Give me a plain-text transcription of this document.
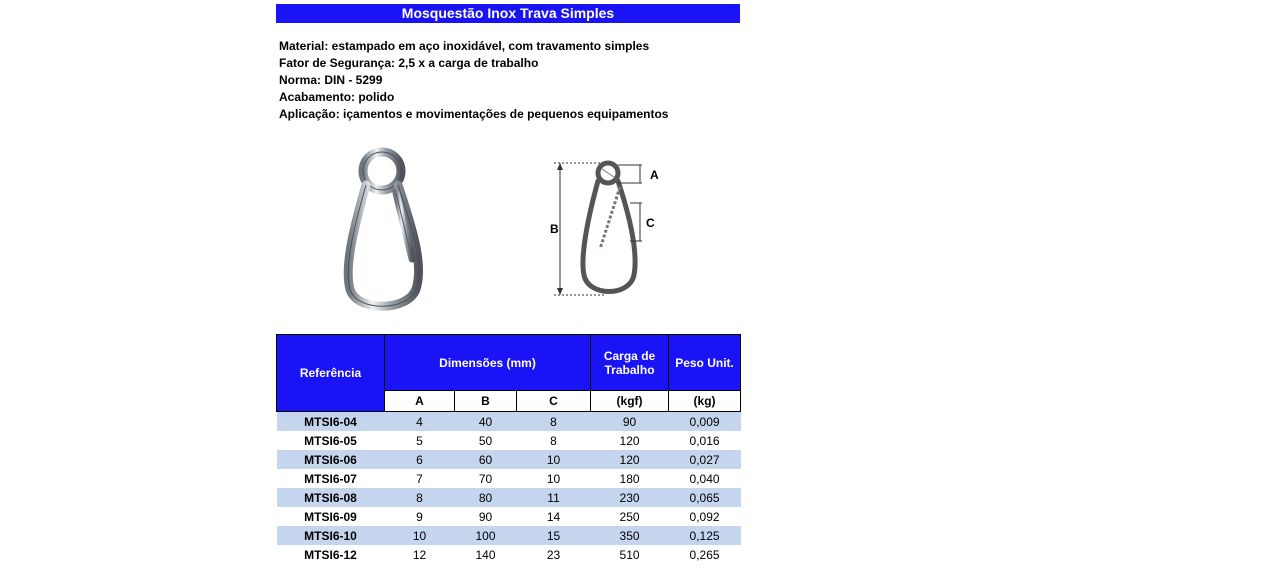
Mosquestão Inox Trava Simples
Material: estampado em aço inoxidável, com travamento simples
Fator de Segurança: 2,5 x a carga de trabalho
Norma: DIN - 5299
Acabamento: polido
Aplicação: içamentos e movimentações de pequenos equipamentos
B
A
C
Referência	Dimensões (mm)			Carga de Trabalho	Peso Unit.
	A	B	C	(kgf)	(kg)
MTSI6-04	4	40	8	90	0,009
MTSI6-05	5	50	8	120	0,016
MTSI6-06	6	60	10	120	0,027
MTSI6-07	7	70	10	180	0,040
MTSI6-08	8	80	11	230	0,065
MTSI6-09	9	90	14	250	0,092
MTSI6-10	10	100	15	350	0,125
MTSI6-12	12	140	23	510	0,265
